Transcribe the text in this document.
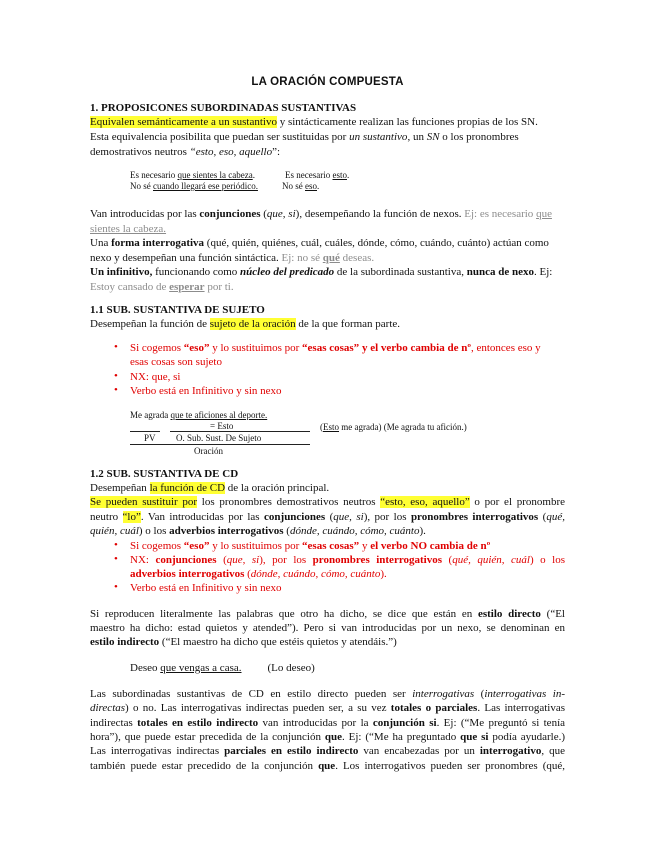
LA ORACIÓN COMPUESTA
1. PROPOSICONES SUBORDINADAS SUSTANTIVAS
Equivalen semánticamente a un sustantivo y sintácticamente realizan las funciones propias de los SN.
Esta equivalencia posibilita que puedan ser sustituidas por un sustantivo, un SN o los pronombres
demostrativos neutros “esto, eso, aquello”:
Es necesario que sientes la cabeza.	Es necesario esto.
No sé cuando llegará ese periódico.	No sé eso.
Van introducidas por las conjunciones (que, si), desempeñando la función de nexos. Ej: es necesario que
sientes la cabeza.
Una forma interrogativa (qué, quién, quiénes, cuál, cuáles, dónde, cómo, cuándo, cuánto) actúan como
nexo y desempeñan una función sintáctica. Ej: no sé qué deseas.
Un infinitivo, funcionando como núcleo del predicado de la subordinada sustantiva, nunca de nexo. Ej:
Estoy cansado de esperar por ti.
1.1 SUB. SUSTANTIVA DE SUJETO
Desempeñan la función de sujeto de la oración de la que forman parte.
• Si cogemos “eso” y lo sustituimos por “esas cosas” y el verbo cambia de nº, entonces eso y
esas cosas son sujeto
• NX: que, si
• Verbo está en Infinitivo y sin nexo
Me agrada que te aficiones al deporte.
= Esto
PV O. Sub. Sust. De Sujeto
Oración
(Esto me agrada) (Me agrada tu afición.)
1.2 SUB. SUSTANTIVA DE CD
Desempeñan la función de CD de la oración principal.
Se pueden sustituir por los pronombres demostrativos neutros “esto, eso, aquello” o por el pronombre
neutro “lo”. Van introducidas por las conjunciones (que, si), por los pronombres interrogativos (qué,
quién, cuál) o los adverbios interrogativos (dónde, cuándo, cómo, cuánto).
• Si cogemos “eso” y lo sustituimos por “esas cosas” y el verbo NO cambia de nº
• NX: conjunciones (que, si), por los pronombres interrogativos (qué, quién, cuál) o los
adverbios interrogativos (dónde, cuándo, cómo, cuánto).
• Verbo está en Infinitivo y sin nexo
Si reproducen literalmente las palabras que otro ha dicho, se dice que están en estilo directo (“El
maestro ha dicho: estad quietos y atended”). Pero si van introducidas por un nexo, se denominan en
estilo indirecto (“El maestro ha dicho que estéis quietos y atendáis.”)
Deseo que vengas a casa. (Lo deseo)
Las subordinadas sustantivas de CD en estilo directo pueden ser interrogativas (interrogativas in-
directas) o no. Las interrogativas indirectas pueden ser, a su vez totales o parciales. Las interrogativas
indirectas totales en estilo indirecto van introducidas por la conjunción si. Ej: (“Me preguntó si tenía
hora”), que puede estar precedida de la conjunción que. Ej: (“Me ha preguntado que si podía ayudarle.)
Las interrogativas indirectas parciales en estilo indirecto van encabezadas por un interrogativo, que
también puede estar precedido de la conjunción que. Los interrogativos pueden ser pronombres (qué,
